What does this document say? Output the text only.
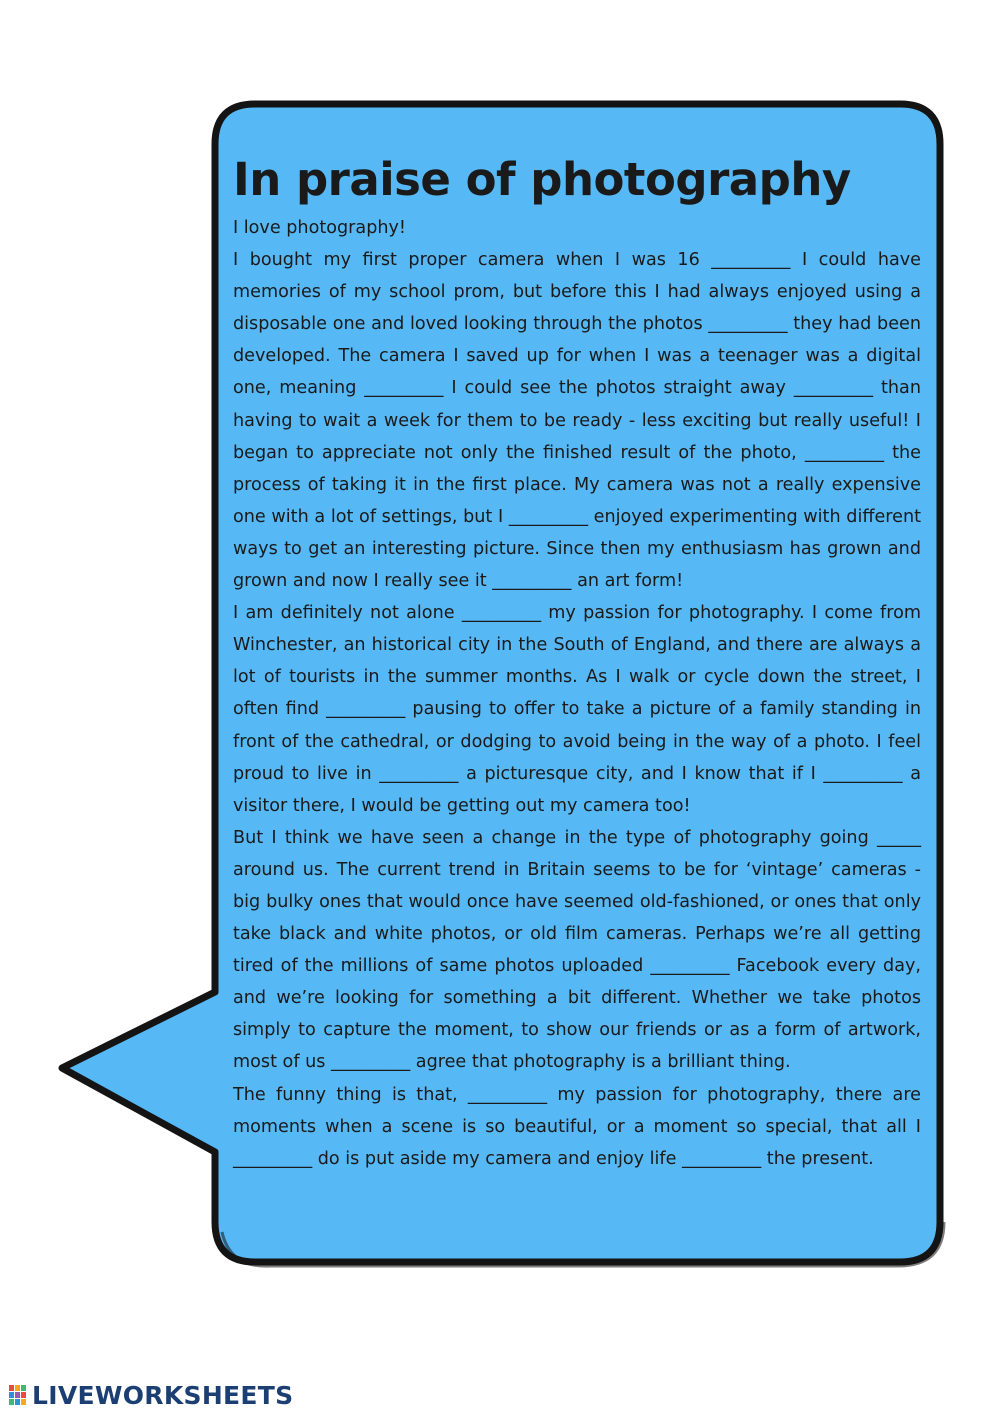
In praise of photography

I love photography!

I bought my first proper camera when I was 16 _________ I could have memories of my school prom, but before this I had always enjoyed using a disposable one and loved looking through the photos _________ they had been developed. The camera I saved up for when I was a teenager was a digital one, meaning _________ I could see the photos straight away _________ than having to wait a week for them to be ready - less exciting but really useful! I began to appreciate not only the finished result of the photo, _________ the process of taking it in the first place. My camera was not a really expensive one with a lot of settings, but I _________ enjoyed experimenting with different ways to get an interesting picture. Since then my enthusiasm has grown and grown and now I really see it _________ an art form!

I am definitely not alone _________ my passion for photography. I come from Winchester, an historical city in the South of England, and there are always a lot of tourists in the summer months. As I walk or cycle down the street, I often find _________ pausing to offer to take a picture of a family standing in front of the cathedral, or dodging to avoid being in the way of a photo. I feel proud to live in _________ a picturesque city, and I know that if I _________ a visitor there, I would be getting out my camera too!

But I think we have seen a change in the type of photography going _____ around us. The current trend in Britain seems to be for ‘vintage’ cameras - big bulky ones that would once have seemed old-fashioned, or ones that only take black and white photos, or old film cameras. Perhaps we’re all getting tired of the millions of same photos uploaded _________ Facebook every day, and we’re looking for something a bit different. Whether we take photos simply to capture the moment, to show our friends or as a form of artwork, most of us _________ agree that photography is a brilliant thing.

The funny thing is that, _________ my passion for photography, there are moments when a scene is so beautiful, or a moment so special, that all I _________ do is put aside my camera and enjoy life _________ the present.

LIVEWORKSHEETS
